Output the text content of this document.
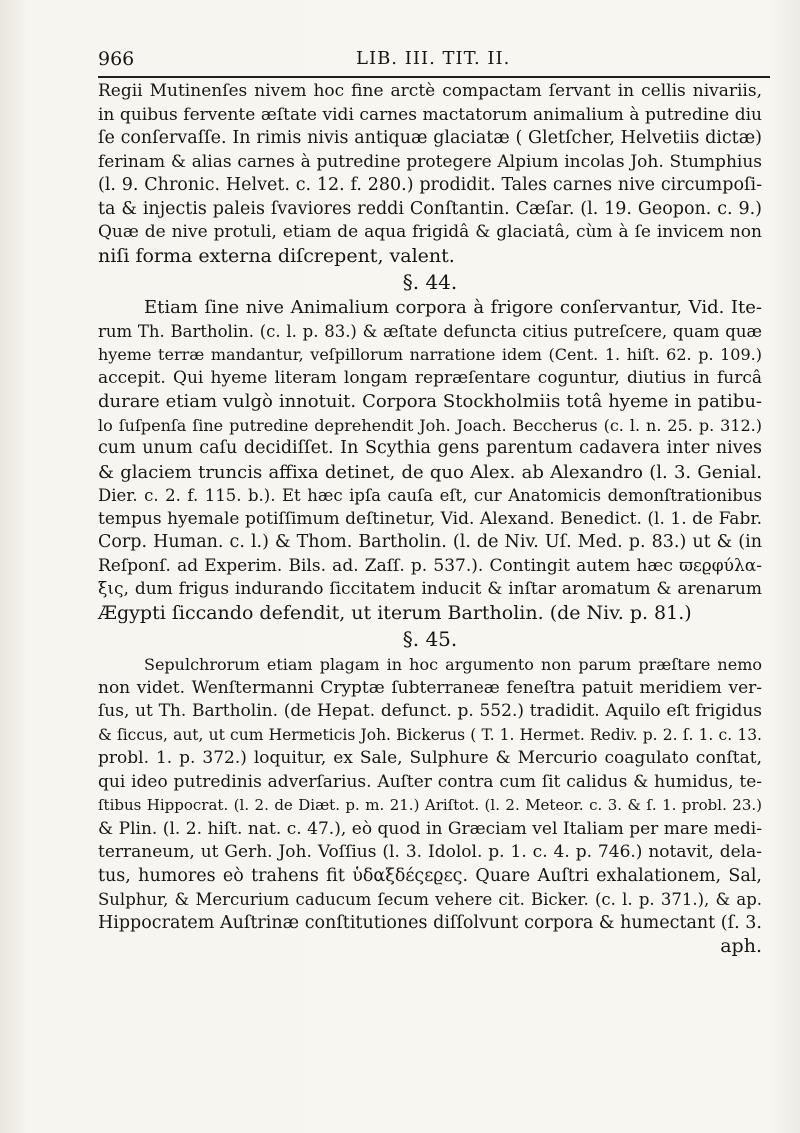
966	LIB. III. TIT. II.
Regii Mutinenſes nivem hoc fine arctè compactam ſervant in cellis nivariis,
in quibus fervente æſtate vidi carnes mactatorum animalium à putredine diu
ſe conſervaſſe. In rimis nivis antiquæ glaciatæ ( Gletſcher, Helvetiis dictæ)
ferinam & alias carnes à putredine protegere Alpium incolas Joh. Stumphius
(l. 9. Chronic. Helvet. c. 12. f. 280.) prodidit. Tales carnes nive circumpoſi-
ta & injectis paleis ſvaviores reddi Conſtantin. Cæſar. (l. 19. Geopon. c. 9.)
Quæ de nive protuli, etiam de aqua frigidâ & glaciatâ, cùm à ſe invicem non
niſi forma externa diſcrepent, valent.
§. 44.
Etiam ſine nive Animalium corpora à frigore conſervantur, Vid. Ite-
rum Th. Bartholin. (c. l. p. 83.) & æſtate defuncta citius putreſcere, quam quæ
hyeme terræ mandantur, veſpillorum narratione idem (Cent. 1. hiſt. 62. p. 109.)
accepit. Qui hyeme literam longam repræſentare coguntur, diutius in furcâ
durare etiam vulgò innotuit. Corpora Stockholmiis totâ hyeme in patibu-
lo ſuſpenſa ſine putredine deprehendit Joh. Joach. Beccherus (c. l. n. 25. p. 312.)
cum unum caſu decidiſſet. In Scythia gens parentum cadavera inter nives
& glaciem truncis affixa detinet, de quo Alex. ab Alexandro (l. 3. Genial.
Dier. c. 2. f. 115. b.). Et hæc ipſa cauſa eſt, cur Anatomicis demonſtrationibus
tempus hyemale potiſſimum deſtinetur, Vid. Alexand. Benedict. (l. 1. de Fabr.
Corp. Human. c. l.) & Thom. Bartholin. (l. de Niv. Uſ. Med. p. 83.) ut & (in
Reſponſ. ad Experim. Bils. ad. Zaſſ. p. 537.). Contingit autem hæc ϖεϱφύλα-
ξις, dum frigus indurando ſiccitatem inducit & inſtar aromatum & arenarum
Ægypti ſiccando defendit, ut iterum Bartholin. (de Niv. p. 81.)
§. 45.
Sepulchrorum etiam plagam in hoc argumento non parum præſtare nemo
non videt. Wenſtermanni Cryptæ ſubterraneæ feneſtra patuit meridiem ver-
ſus, ut Th. Bartholin. (de Hepat. defunct. p. 552.) tradidit. Aquilo eſt frigidus
& ſiccus, aut, ut cum Hermeticis Joh. Bickerus ( T. 1. Hermet. Rediv. p. 2. ſ. 1. c. 13.
probl. 1. p. 372.) loquitur, ex Sale, Sulphure & Mercurio coagulato conſtat,
qui ideo putredinis adverſarius. Auſter contra cum ſit calidus & humidus, te-
ſtibus Hippocrat. (l. 2. de Diæt. p. m. 21.) Ariſtot. (l. 2. Meteor. c. 3. & ſ. 1. probl. 23.)
& Plin. (l. 2. hiſt. nat. c. 47.), eò quod in Græciam vel Italiam per mare medi-
terraneum, ut Gerh. Joh. Voſſius (l. 3. Idolol. p. 1. c. 4. p. 746.) notavit, dela-
tus, humores eò trahens fit ὑδαξδέςεϱες. Quare Auſtri exhalationem, Sal,
Sulphur, & Mercurium caducum ſecum vehere cit. Bicker. (c. l. p. 371.), & ap.
Hippocratem Auſtrinæ conſtitutiones diſſolvunt corpora & humectant (ſ. 3.
aph.
